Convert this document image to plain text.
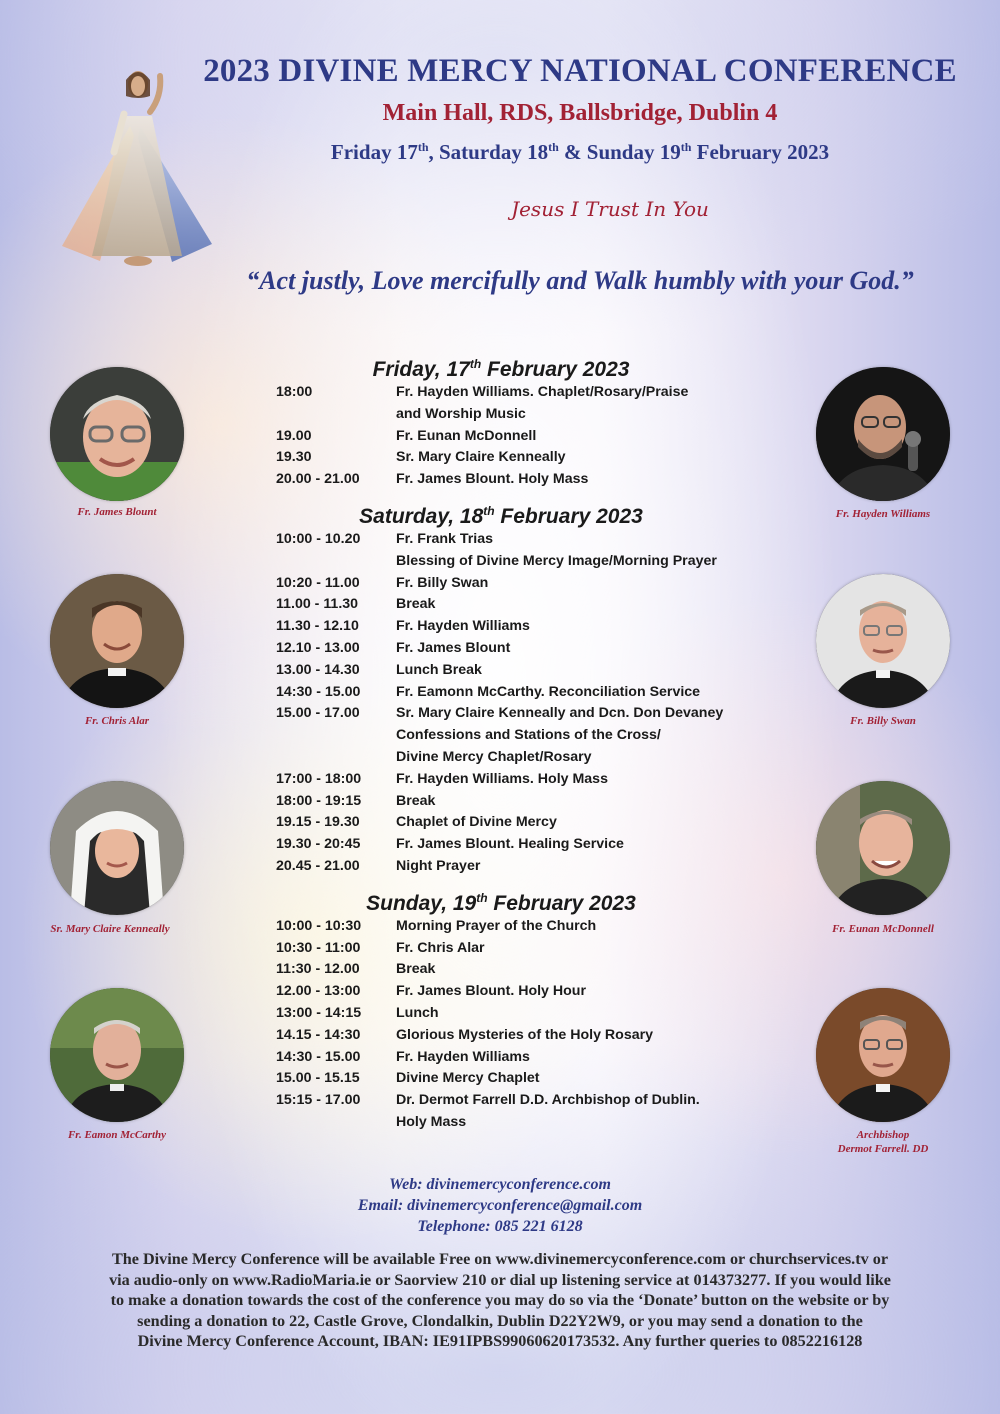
2023 DIVINE MERCY NATIONAL CONFERENCE
Main Hall, RDS, Ballsbridge, Dublin 4
Friday 17th, Saturday 18th & Sunday 19th February 2023
Jesus I Trust In You
“Act justly, Love mercifully and Walk humbly with your God.”
Fr. James Blount
Fr. Chris Alar
Sr. Mary Claire Kenneally
Fr. Eamon McCarthy
Fr. Hayden Williams
Fr. Billy Swan
Fr. Eunan McDonnell
Archbishop
Dermot Farrell. DD
Friday, 17th February 2023
18:00	Fr. Hayden Williams. Chaplet/Rosary/Praise
and Worship Music
19.00	Fr. Eunan McDonnell
19.30	Sr. Mary Claire Kenneally
20.00 - 21.00	Fr. James Blount. Holy Mass
Saturday, 18th February 2023
10:00 - 10.20	Fr. Frank Trias
Blessing of Divine Mercy Image/Morning Prayer
10:20 - 11.00	Fr. Billy Swan
11.00 - 11.30	Break
11.30 - 12.10	Fr. Hayden Williams
12.10 - 13.00	Fr. James Blount
13.00 - 14.30	Lunch Break
14:30 - 15.00	Fr. Eamonn McCarthy. Reconciliation Service
15.00 - 17.00	Sr. Mary Claire Kenneally and Dcn. Don Devaney
Confessions and Stations of the Cross/
Divine Mercy Chaplet/Rosary
17:00 - 18:00	Fr. Hayden Williams. Holy Mass
18:00 - 19:15	Break
19.15 - 19.30	Chaplet of Divine Mercy
19.30 - 20:45	Fr. James Blount. Healing Service
20.45 - 21.00	Night Prayer
Sunday, 19th February 2023
10:00 - 10:30	Morning Prayer of the Church
10:30 - 11:00	Fr. Chris Alar
11:30 - 12.00	Break
12.00 - 13:00	Fr. James Blount. Holy Hour
13:00 - 14:15	Lunch
14.15 - 14:30	Glorious Mysteries of the Holy Rosary
14:30 - 15.00	Fr. Hayden Williams
15.00 - 15.15	Divine Mercy Chaplet
15:15 - 17.00	Dr. Dermot Farrell D.D. Archbishop of Dublin.
Holy Mass
Web: divinemercyconference.com
Email: divinemercyconference@gmail.com
Telephone: 085 221 6128
The Divine Mercy Conference will be available Free on www.divinemercyconference.com or churchservices.tv or
via audio-only on www.RadioMaria.ie or Saorview 210 or dial up listening service at 014373277. If you would like
to make a donation towards the cost of the conference you may do so via the ‘Donate’ button on the website or by
sending a donation to 22, Castle Grove, Clondalkin, Dublin D22Y2W9, or you may send a donation to the
Divine Mercy Conference Account, IBAN: IE91IPBS99060620173532. Any further queries to 0852216128
